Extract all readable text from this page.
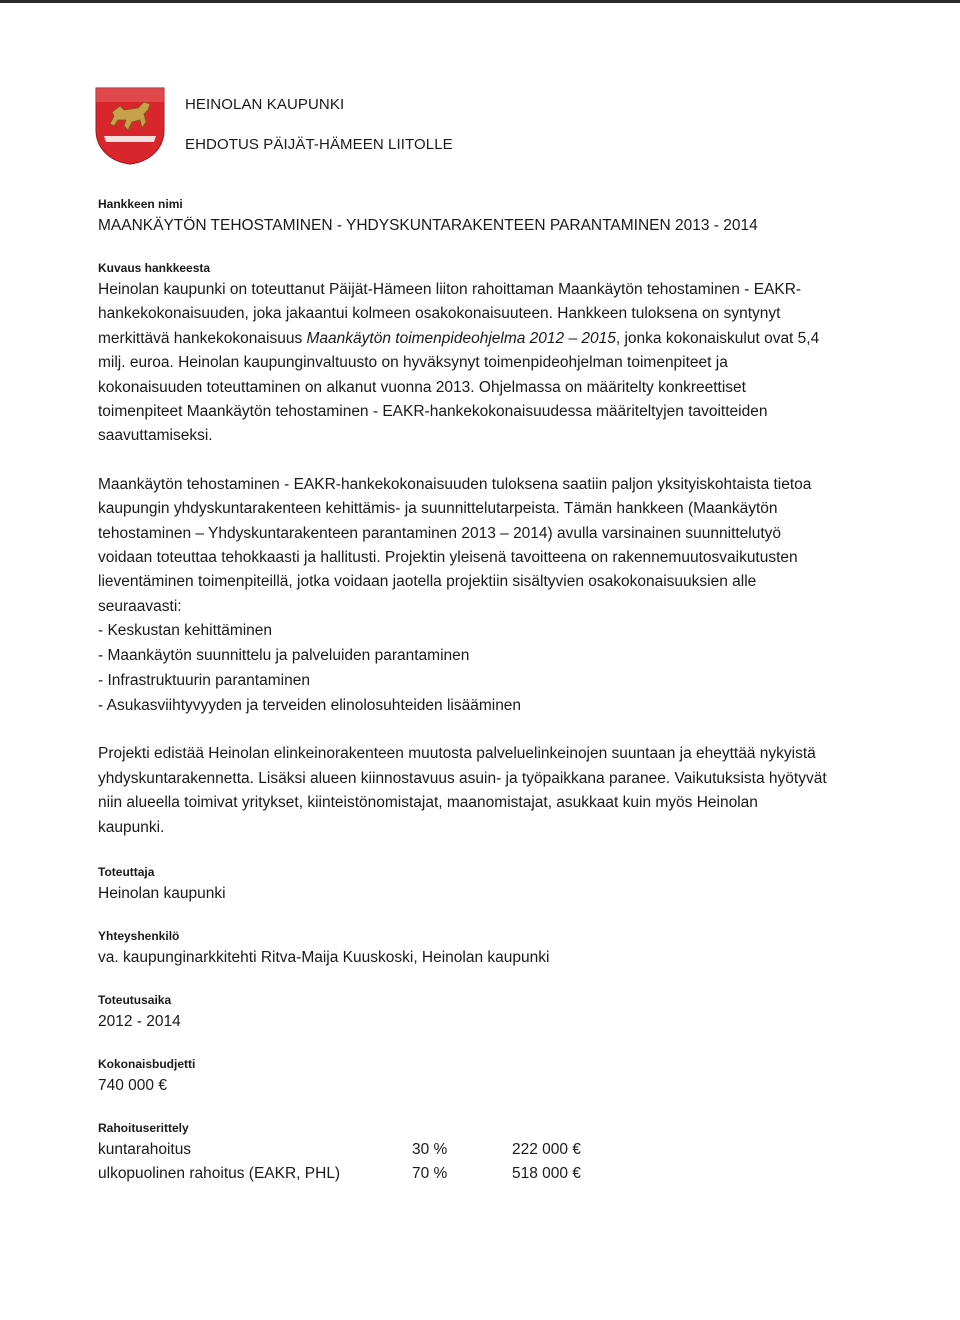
HEINOLAN KAUPUNKI
EHDOTUS PÄIJÄT-HÄMEEN LIITOLLE

Hankkeen nimi

MAANKÄYTÖN TEHOSTAMINEN - YHDYSKUNTARAKENTEEN PARANTAMINEN 2013 - 2014

Kuvaus hankkeesta

Heinolan kaupunki on toteuttanut Päijät-Hämeen liiton rahoittaman Maankäytön tehostaminen - EAKR-hankekokonaisuuden, joka jakaantui kolmeen osakokonaisuuteen. Hankkeen tuloksena on syntynyt merkittävä hankekokonaisuus Maankäytön toimenpideohjelma 2012 – 2015, jonka kokonaiskulut ovat 5,4 milj. euroa. Heinolan kaupunginvaltuusto on hyväksynyt toimenpideohjelman toimenpiteet ja kokonaisuuden toteuttaminen on alkanut vuonna 2013. Ohjelmassa on määritelty konkreettiset toimenpiteet Maankäytön tehostaminen - EAKR-hankekokonaisuudessa määriteltyjen tavoitteiden saavuttamiseksi.

Maankäytön tehostaminen - EAKR-hankekokonaisuuden tuloksena saatiin paljon yksityiskohtaista tietoa kaupungin yhdyskuntarakenteen kehittämis- ja suunnittelutarpeista. Tämän hankkeen (Maankäytön tehostaminen – Yhdyskuntarakenteen parantaminen 2013 – 2014) avulla varsinainen suunnittelutyö voidaan toteuttaa tehokkaasti ja hallitusti. Projektin yleisenä tavoitteena on rakennemuutosvaikutusten lieventäminen toimenpiteillä, jotka voidaan jaotella projektiin sisältyvien osakokonaisuuksien alle seuraavasti:

- Keskustan kehittäminen
- Maankäytön suunnittelu ja palveluiden parantaminen
- Infrastruktuurin parantaminen
- Asukasviihtyvyyden ja terveiden elinolosuhteiden lisääminen

Projekti edistää Heinolan elinkeinorakenteen muutosta palveluelinkeinojen suuntaan ja eheyttää nykyistä yhdyskuntarakennetta. Lisäksi alueen kiinnostavuus asuin- ja työpaikkana paranee. Vaikutuksista hyötyvät niin alueella toimivat yritykset, kiinteistönomistajat, maanomistajat, asukkaat kuin myös Heinolan kaupunki.

Toteuttaja

Heinolan kaupunki

Yhteyshenkilö

va. kaupunginarkkitehti Ritva-Maija Kuuskoski, Heinolan kaupunki

Toteutusaika

2012 - 2014

Kokonaisbudjetti

740 000 €

Rahoituserittely

kuntarahoitus	30 %	222 000 €
ulkopuolinen rahoitus (EAKR, PHL)	70 %	518 000 €
